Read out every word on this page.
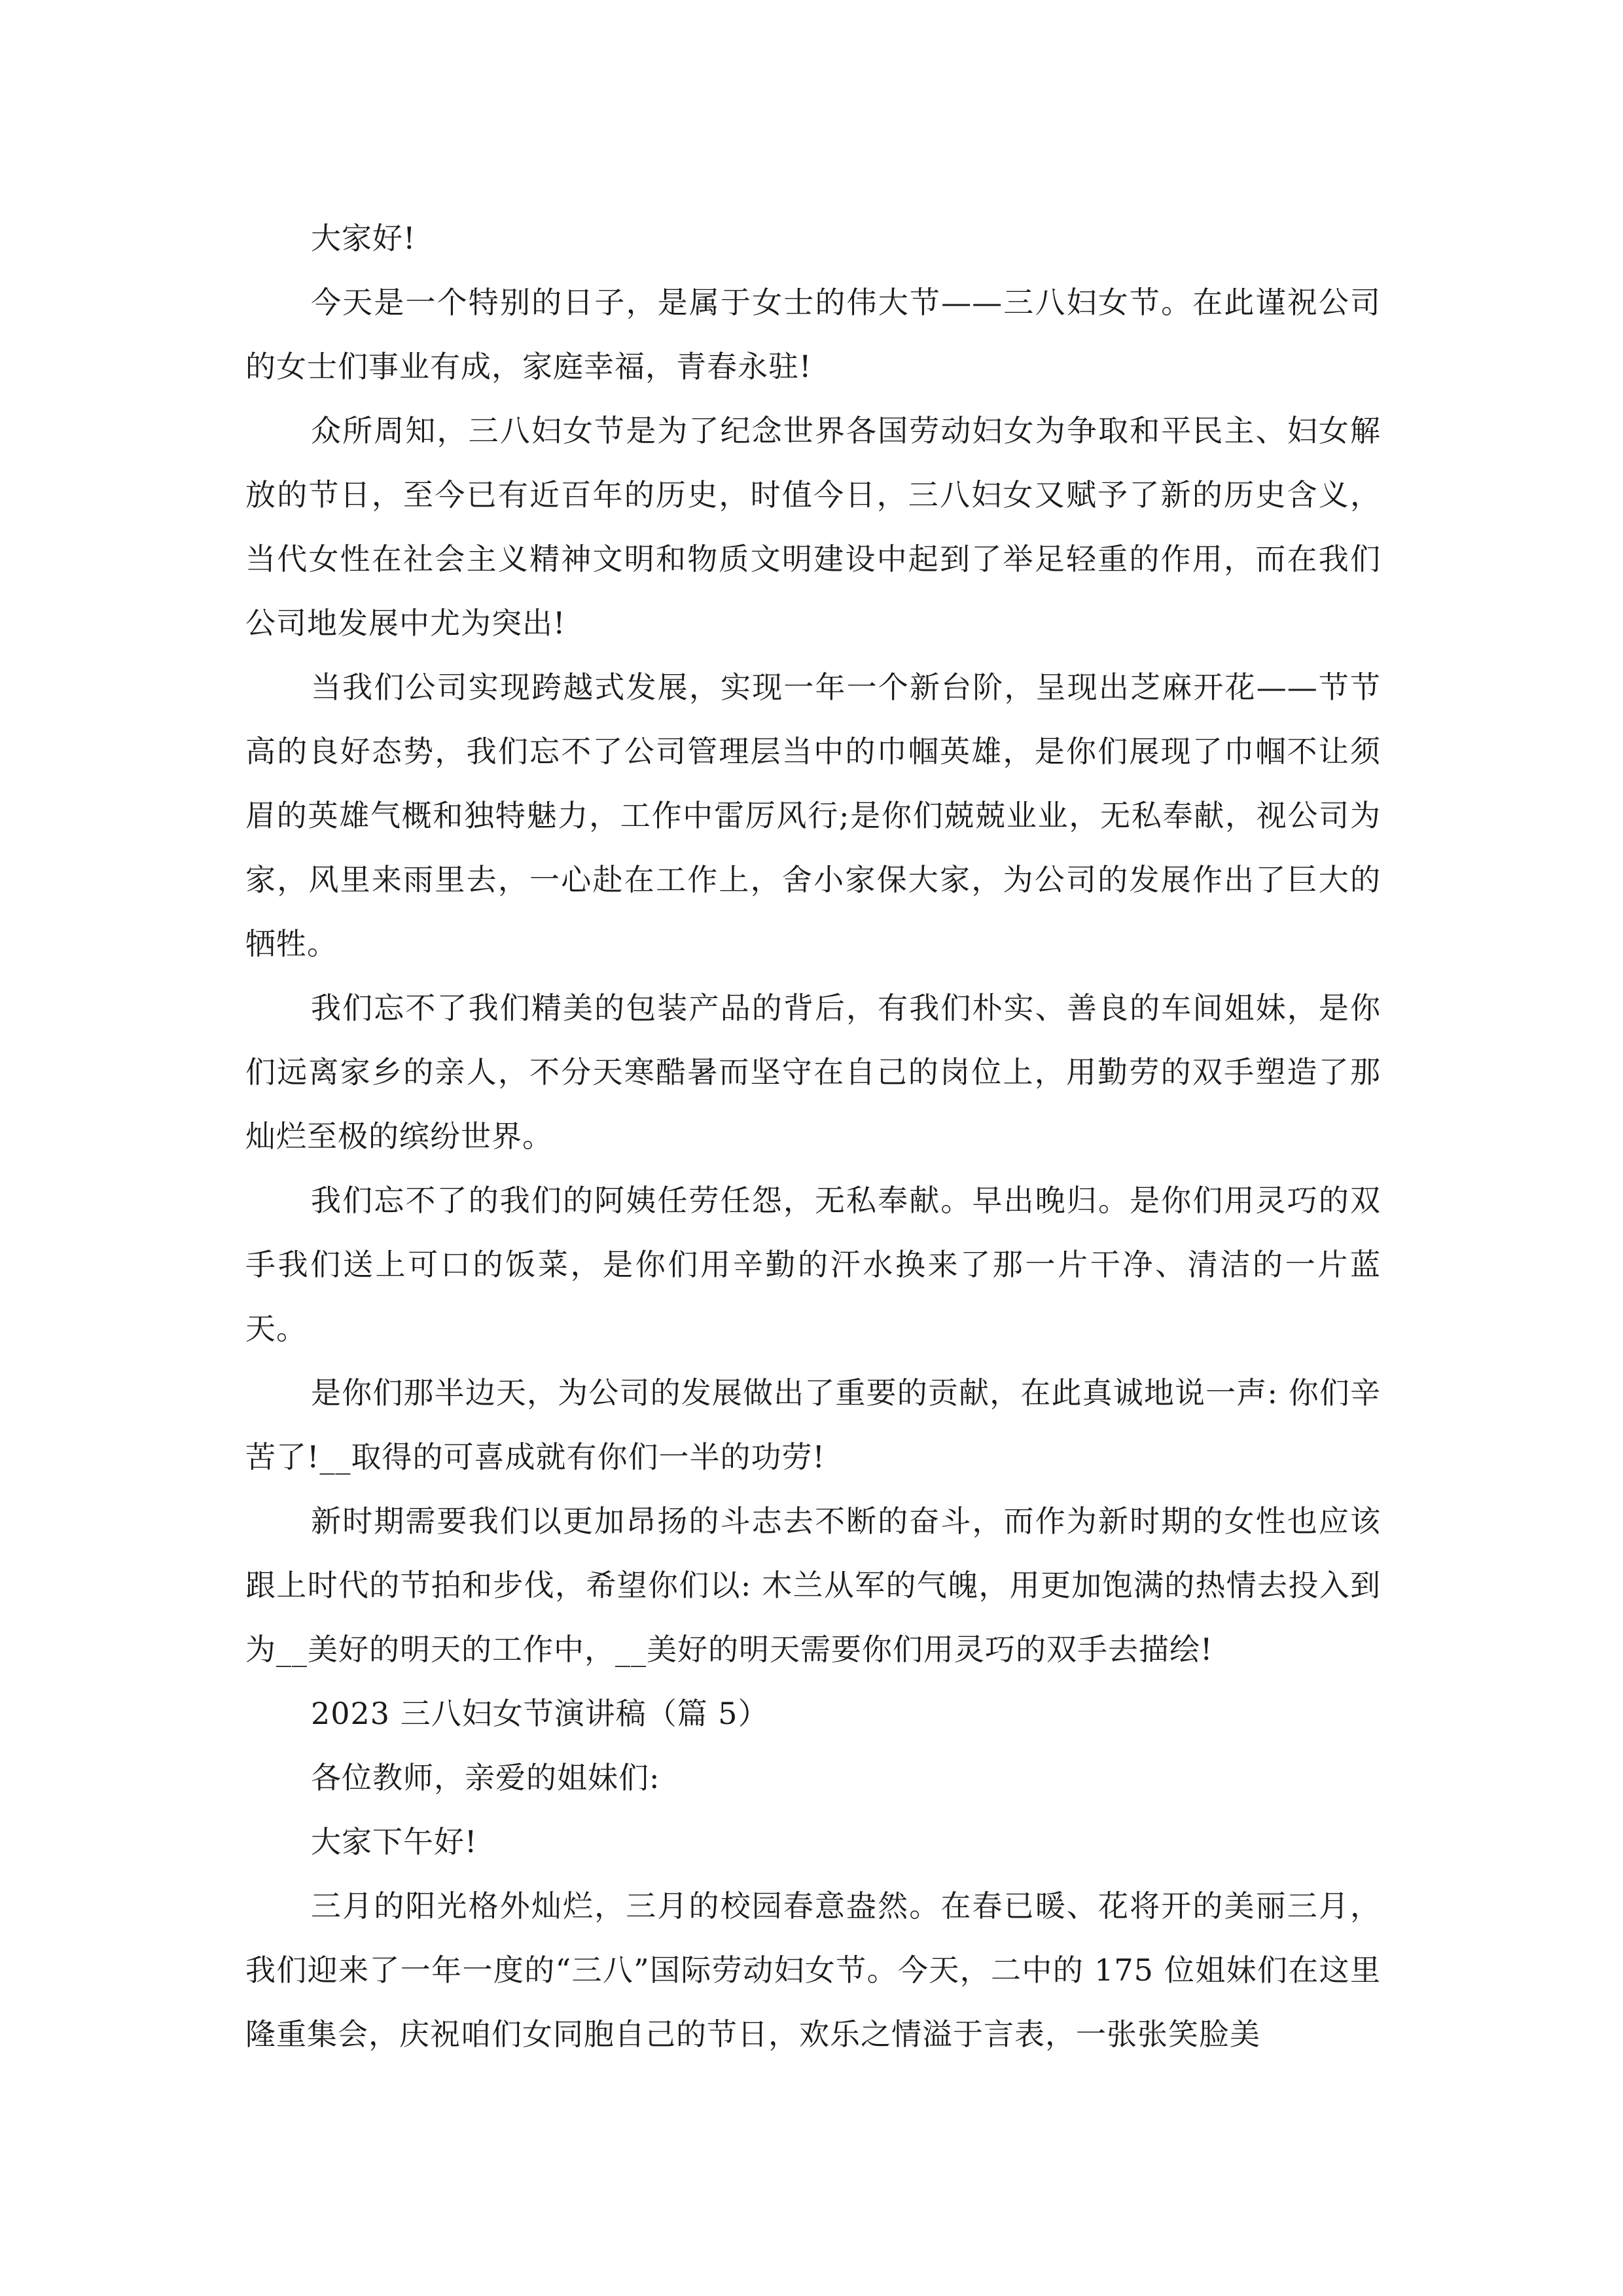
大家好!

今天是一个特别的日子，是属于女士的伟大节——三八妇女节。在此谨祝公司的女士们事业有成，家庭幸福，青春永驻!

众所周知，三八妇女节是为了纪念世界各国劳动妇女为争取和平民主、妇女解放的节日，至今已有近百年的历史，时值今日，三八妇女又赋予了新的历史含义，当代女性在社会主义精神文明和物质文明建设中起到了举足轻重的作用，而在我们公司地发展中尤为突出!

当我们公司实现跨越式发展，实现一年一个新台阶，呈现出芝麻开花——节节高的良好态势，我们忘不了公司管理层当中的巾帼英雄，是你们展现了巾帼不让须眉的英雄气概和独特魅力，工作中雷厉风行;是你们兢兢业业，无私奉献，视公司为家，风里来雨里去，一心赴在工作上，舍小家保大家，为公司的发展作出了巨大的牺牲。

我们忘不了我们精美的包装产品的背后，有我们朴实、善良的车间姐妹，是你们远离家乡的亲人，不分天寒酷暑而坚守在自己的岗位上，用勤劳的双手塑造了那灿烂至极的缤纷世界。

我们忘不了的我们的阿姨任劳任怨，无私奉献。早出晚归。是你们用灵巧的双手我们送上可口的饭菜，是你们用辛勤的汗水换来了那一片干净、清洁的一片蓝天。

是你们那半边天，为公司的发展做出了重要的贡献，在此真诚地说一声: 你们辛苦了!__取得的可喜成就有你们一半的功劳!

新时期需要我们以更加昂扬的斗志去不断的奋斗，而作为新时期的女性也应该跟上时代的节拍和步伐，希望你们以: 木兰从军的气魄，用更加饱满的热情去投入到为__美好的明天的工作中，__美好的明天需要你们用灵巧的双手去描绘!

2023 三八妇女节演讲稿（篇 5）

各位教师，亲爱的姐妹们:

大家下午好!

三月的阳光格外灿烂，三月的校园春意盎然。在春已暖、花将开的美丽三月，我们迎来了一年一度的“三八”国际劳动妇女节。今天，二中的 175 位姐妹们在这里隆重集会，庆祝咱们女同胞自己的节日，欢乐之情溢于言表，一张张笑脸美
